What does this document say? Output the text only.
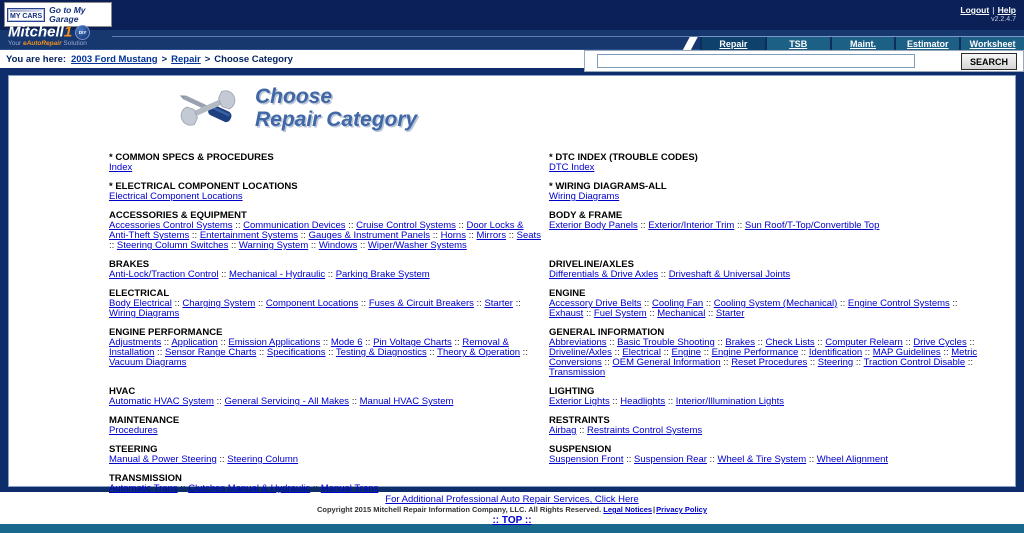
MY CARS
Go to My Garage
Logout | Help
v2.2.4.7
Mitchell1 DIY
Your eAutoRepair Solution	Repair	TSB	Maint.	Estimator	Worksheet
You are here: 2003 Ford Mustang > Repair > Choose Category	SEARCH
Choose
Repair Category
* COMMON SPECS & PROCEDURES
Index
* DTC INDEX (TROUBLE CODES)
DTC Index
* ELECTRICAL COMPONENT LOCATIONS
Electrical Component Locations
* WIRING DIAGRAMS-ALL
Wiring Diagrams
ACCESSORIES & EQUIPMENT
Accessories Control Systems :: Communication Devices :: Cruise Control Systems :: Door Locks & Anti-Theft Systems :: Entertainment Systems :: Gauges & Instrument Panels :: Horns :: Mirrors :: Seats :: Steering Column Switches :: Warning System :: Windows :: Wiper/Washer Systems
BODY & FRAME
Exterior Body Panels :: Exterior/Interior Trim :: Sun Roof/T-Top/Convertible Top
BRAKES
Anti-Lock/Traction Control :: Mechanical - Hydraulic :: Parking Brake System
DRIVELINE/AXLES
Differentials & Drive Axles :: Driveshaft & Universal Joints
ELECTRICAL
Body Electrical :: Charging System :: Component Locations :: Fuses & Circuit Breakers :: Starter :: Wiring Diagrams
ENGINE
Accessory Drive Belts :: Cooling Fan :: Cooling System (Mechanical) :: Engine Control Systems :: Exhaust :: Fuel System :: Mechanical :: Starter
ENGINE PERFORMANCE
Adjustments :: Application :: Emission Applications :: Mode 6 :: Pin Voltage Charts :: Removal & Installation :: Sensor Range Charts :: Specifications :: Testing & Diagnostics :: Theory & Operation :: Vacuum Diagrams
GENERAL INFORMATION
Abbreviations :: Basic Trouble Shooting :: Brakes :: Check Lists :: Computer Relearn :: Drive Cycles :: Driveline/Axles :: Electrical :: Engine :: Engine Performance :: Identification :: MAP Guidelines :: Metric Conversions :: OEM General Information :: Reset Procedures :: Steering :: Traction Control Disable :: Transmission
HVAC
Automatic HVAC System :: General Servicing - All Makes :: Manual HVAC System
LIGHTING
Exterior Lights :: Headlights :: Interior/Illumination Lights
MAINTENANCE
Procedures
RESTRAINTS
Airbag :: Restraints Control Systems
STEERING
Manual & Power Steering :: Steering Column
SUSPENSION
Suspension Front :: Suspension Rear :: Wheel & Tire System :: Wheel Alignment
TRANSMISSION
Automatic Trans :: Clutches Manual & Hydraulic :: Manual Trans
For Additional Professional Auto Repair Services, Click Here
Copyright 2015 Mitchell Repair Information Company, LLC. All Rights Reserved. Legal Notices|Privacy Policy
:: TOP ::
